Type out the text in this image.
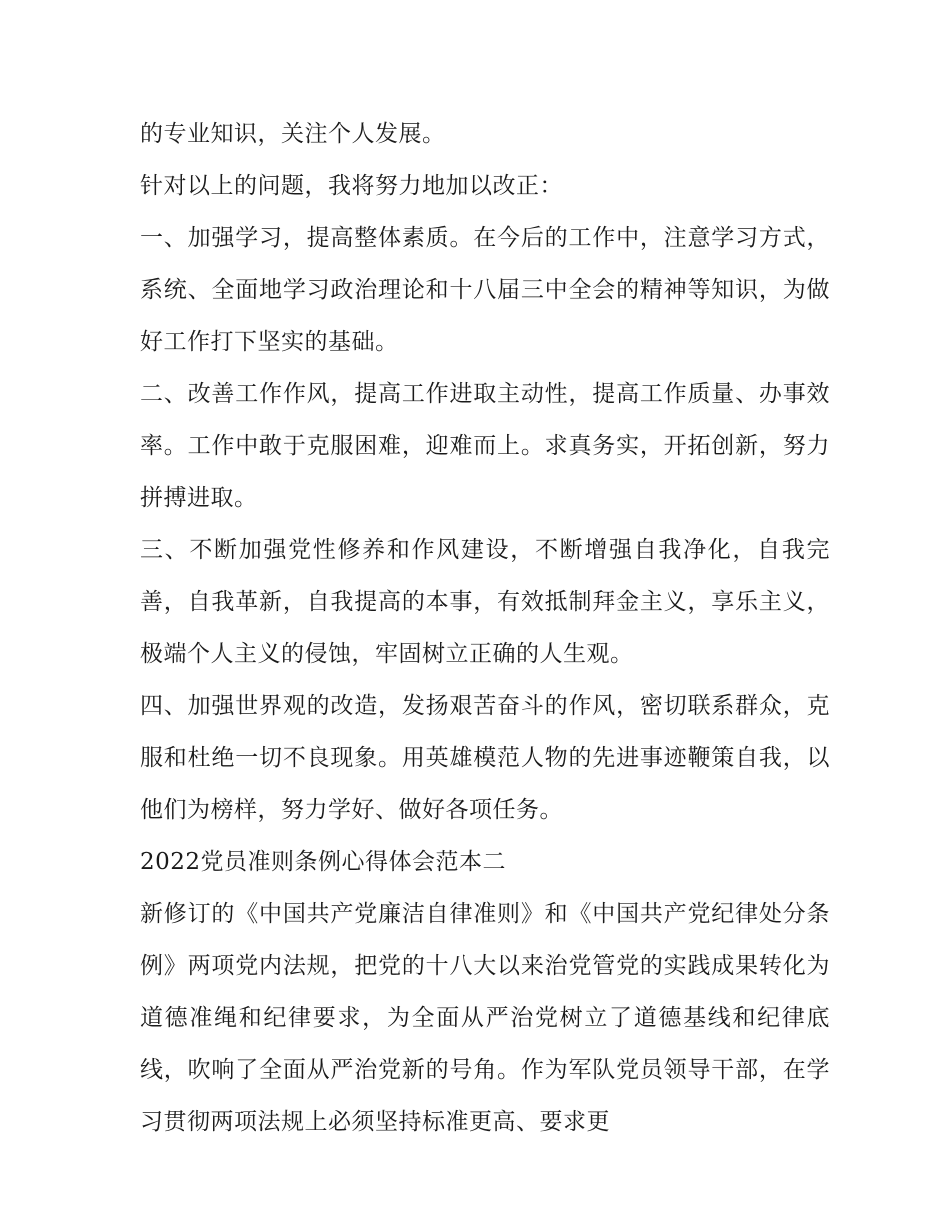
的专业知识，关注个人发展。

针对以上的问题，我将努力地加以改正：

一、加强学习，提高整体素质。在今后的工作中，注意学习方式，系统、全面地学习政治理论和十八届三中全会的精神等知识，为做好工作打下坚实的基础。

二、改善工作作风，提高工作进取主动性，提高工作质量、办事效率。工作中敢于克服困难，迎难而上。求真务实，开拓创新，努力拼搏进取。

三、不断加强党性修养和作风建设，不断增强自我净化，自我完善，自我革新，自我提高的本事，有效抵制拜金主义，享乐主义，极端个人主义的侵蚀，牢固树立正确的人生观。

四、加强世界观的改造，发扬艰苦奋斗的作风，密切联系群众，克服和杜绝一切不良现象。用英雄模范人物的先进事迹鞭策自我，以他们为榜样，努力学好、做好各项任务。

2022党员准则条例心得体会范本二

新修订的《中国共产党廉洁自律准则》和《中国共产党纪律处分条例》两项党内法规，把党的十八大以来治党管党的实践成果转化为道德准绳和纪律要求，为全面从严治党树立了道德基线和纪律底线，吹响了全面从严治党新的号角。作为军队党员领导干部，在学习贯彻两项法规上必须坚持标准更高、要求更
